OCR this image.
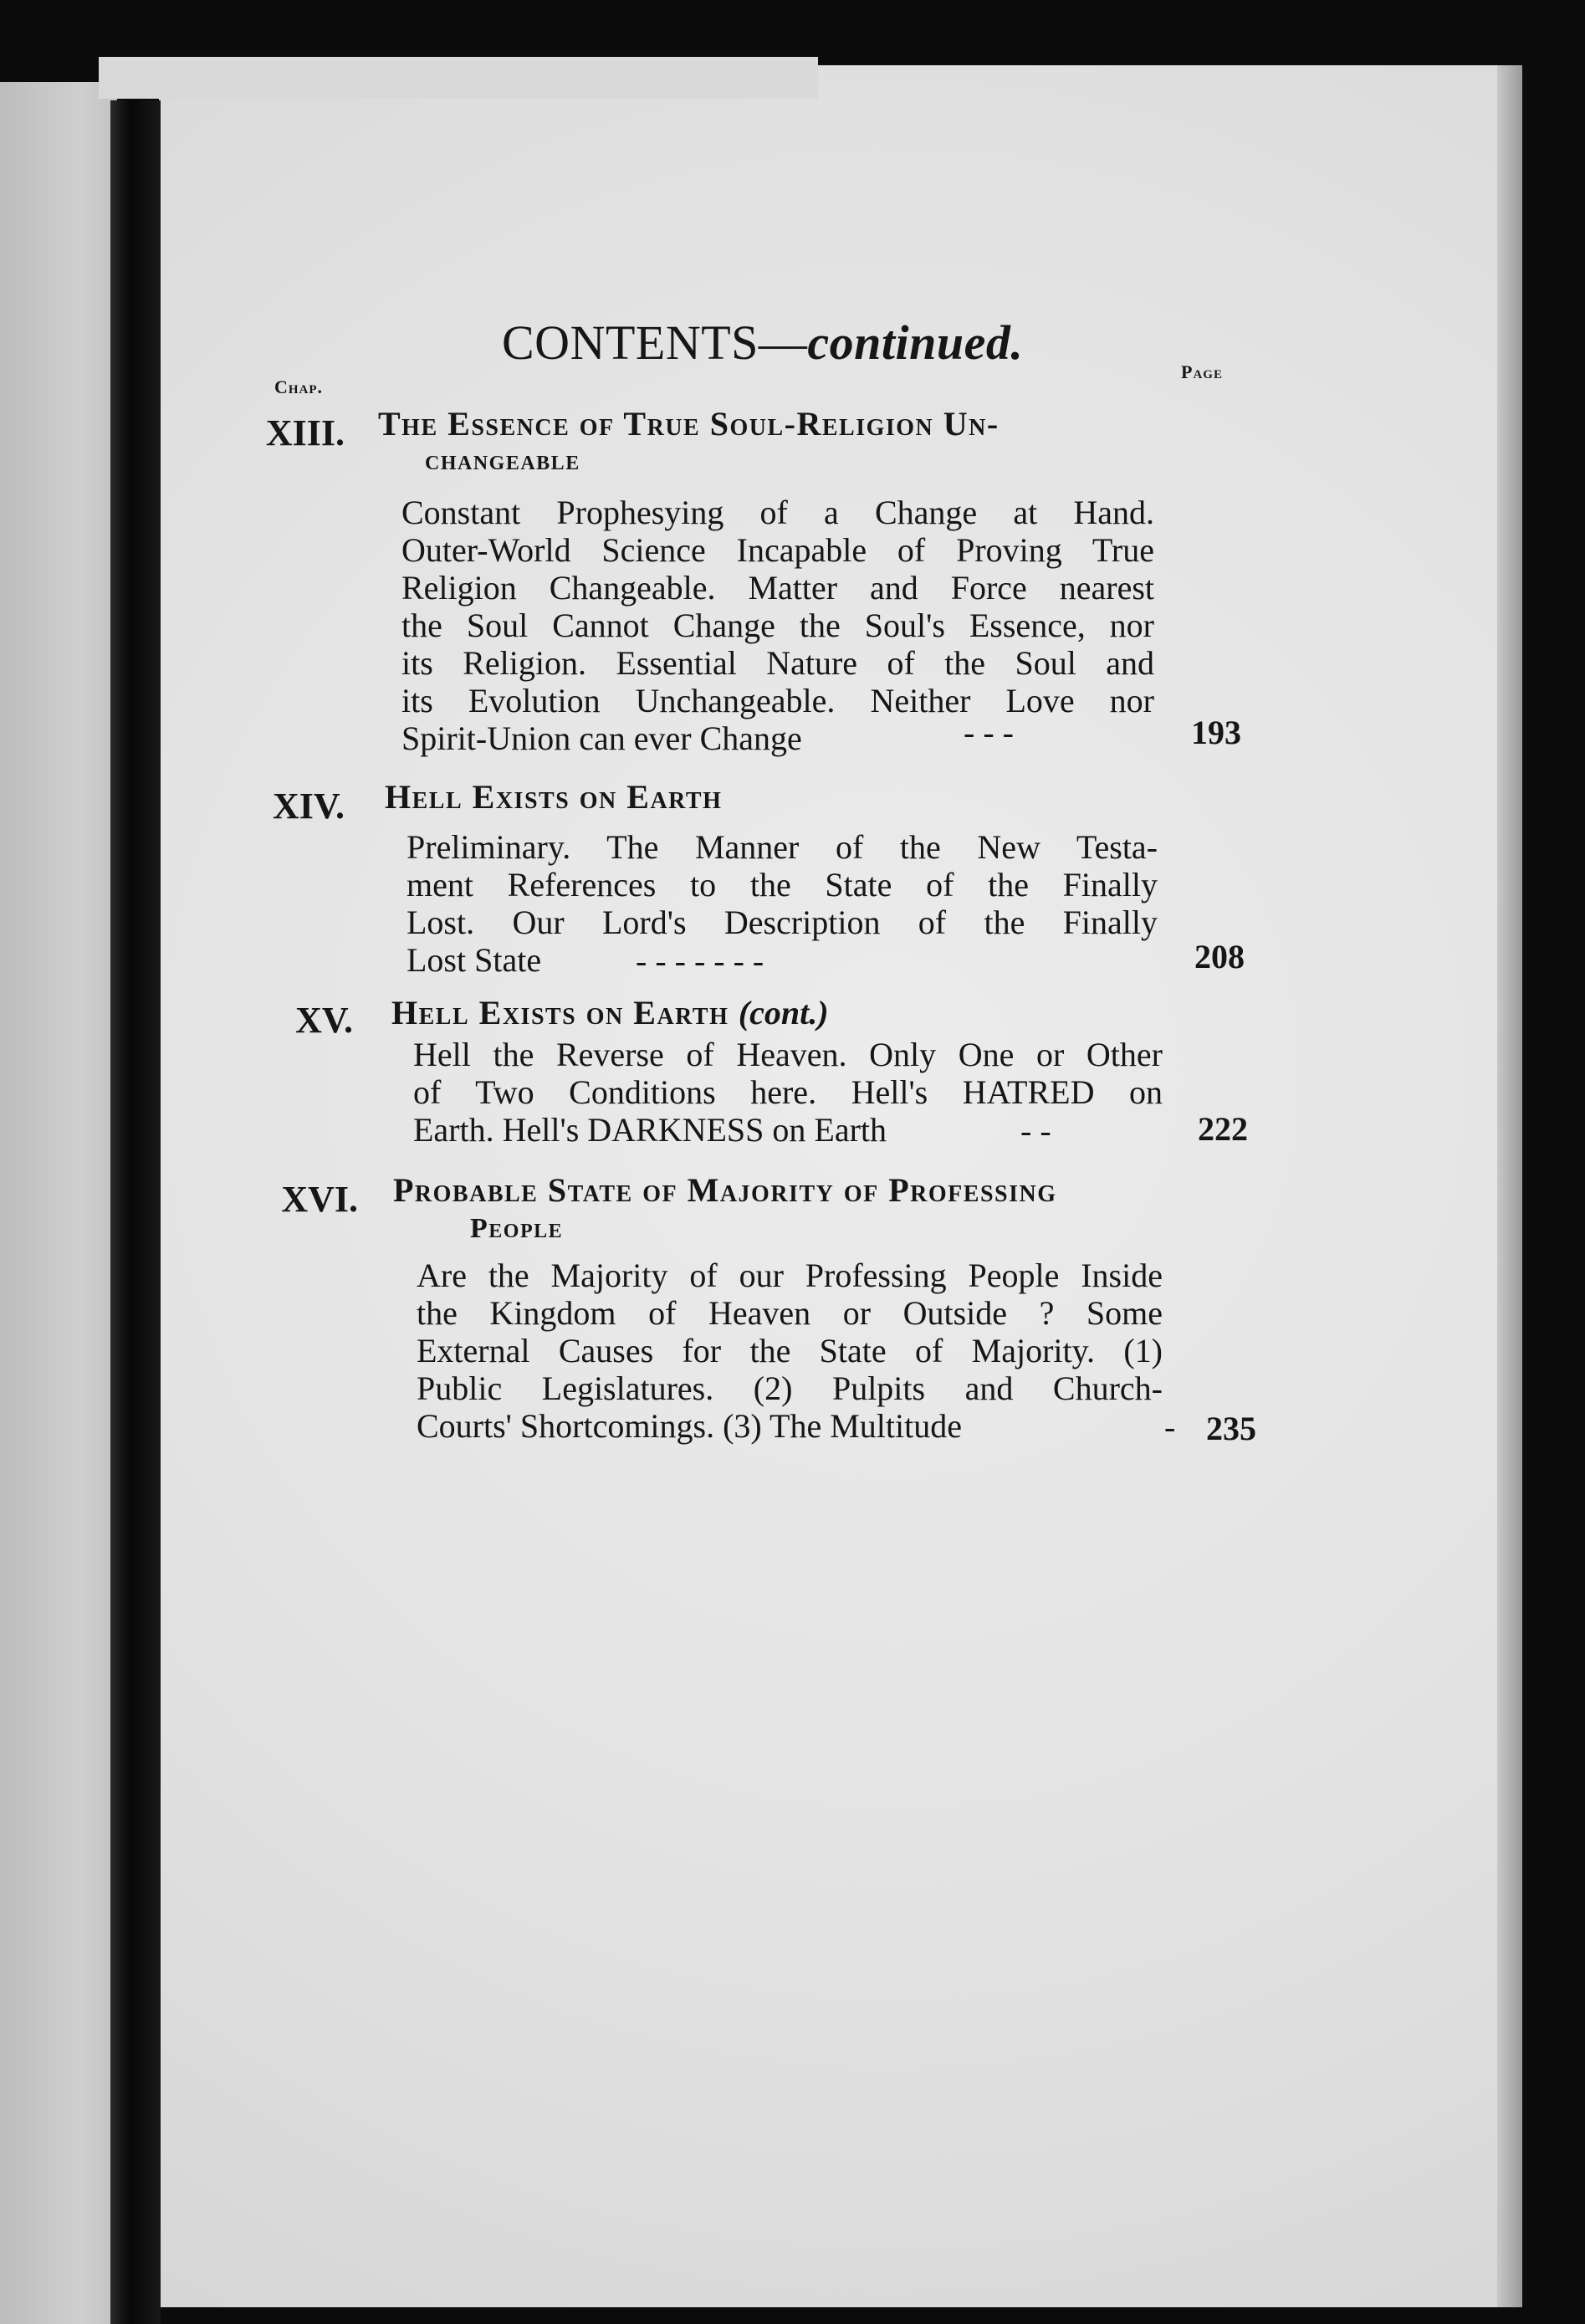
CONTENTS—continued.
Chap.
Page
XIII. The Essence of True Soul-Religion Un-
changeable
Constant Prophesying of a Change at Hand.
Outer-World Science Incapable of Proving True
Religion Changeable. Matter and Force nearest
the Soul Cannot Change the Soul's Essence, nor
its Religion. Essential Nature of the Soul and
its Evolution Unchangeable. Neither Love nor
Spirit-Union can ever Change	- - -	193
XIV. Hell Exists on Earth
Preliminary. The Manner of the New Testa-
ment References to the State of the Finally
Lost. Our Lord's Description of the Finally
Lost State	- - - - - - -	208
XV. Hell Exists on Earth (cont.)
Hell the Reverse of Heaven. Only One or Other
of Two Conditions here. Hell's HATRED on
Earth. Hell's DARKNESS on Earth	- -	222
XVI. Probable State of Majority of Professing
People
Are the Majority of our Professing People Inside
the Kingdom of Heaven or Outside ? Some
External Causes for the State of Majority. (1)
Public Legislatures. (2) Pulpits and Church-
Courts' Shortcomings. (3) The Multitude	- 235
